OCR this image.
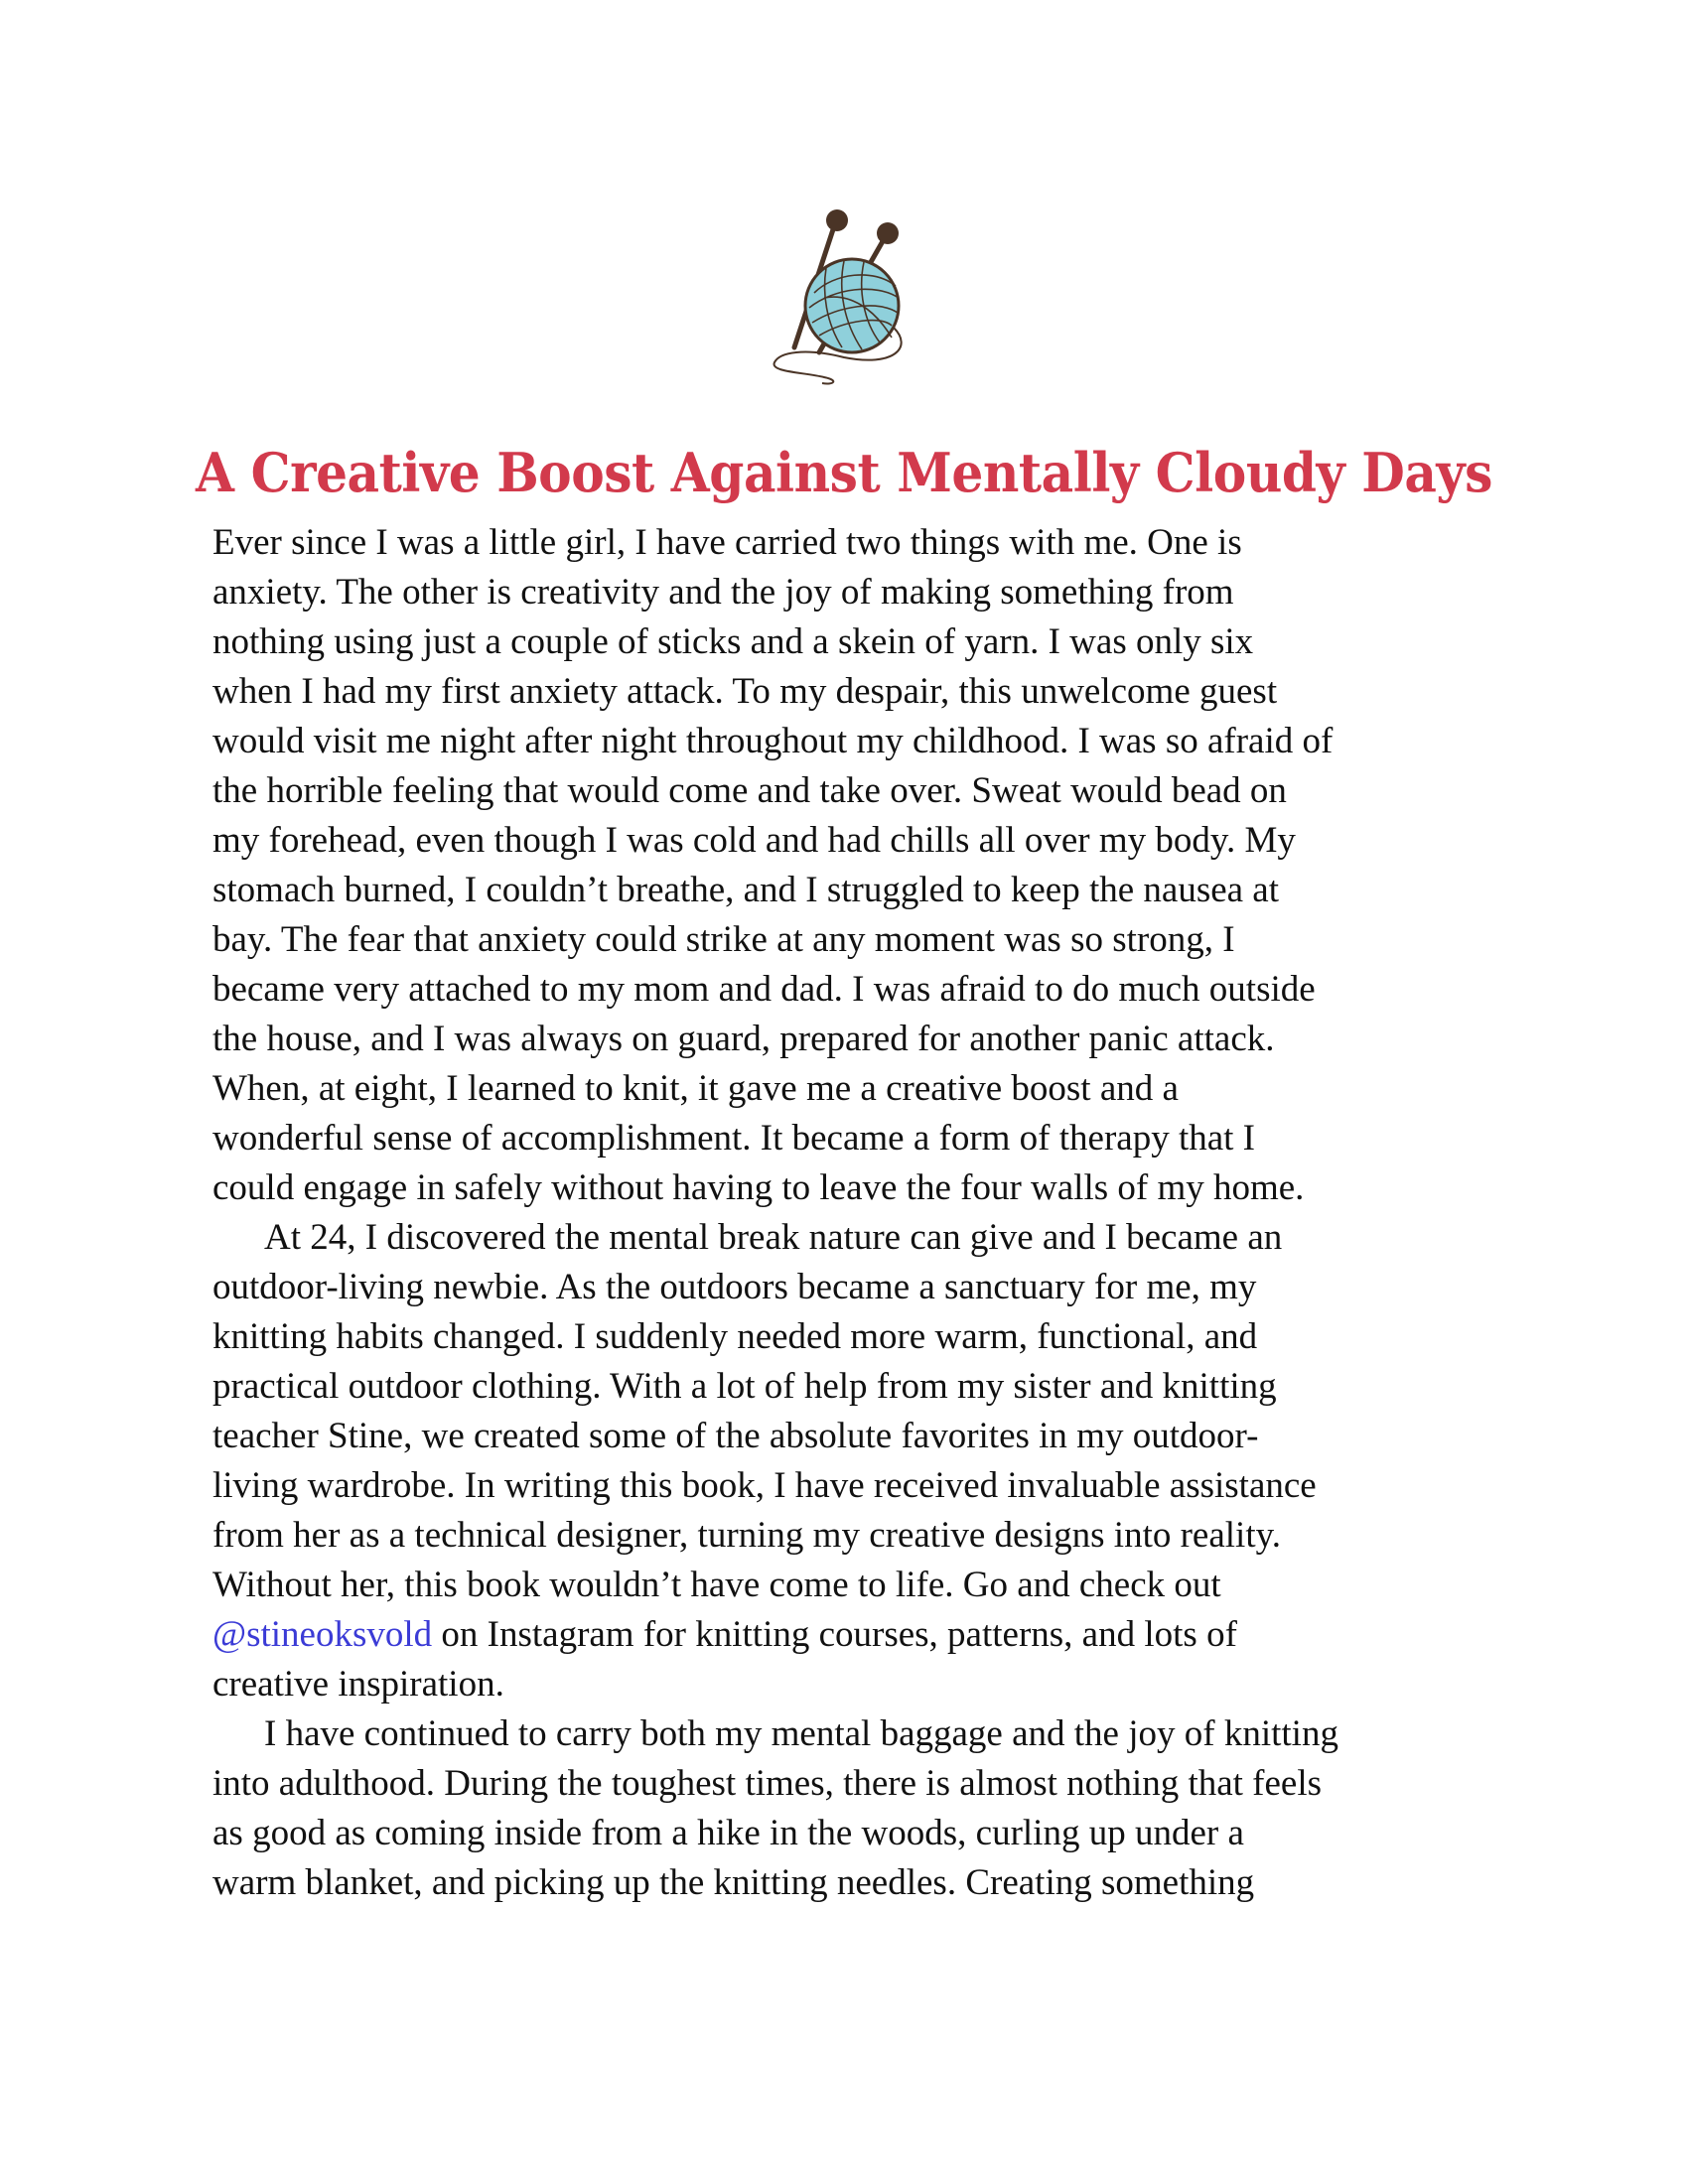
A Creative Boost Against Mentally Cloudy Days
Ever since I was a little girl, I have carried two things with me. One is
anxiety. The other is creativity and the joy of making something from
nothing using just a couple of sticks and a skein of yarn. I was only six
when I had my first anxiety attack. To my despair, this unwelcome guest
would visit me night after night throughout my childhood. I was so afraid of
the horrible feeling that would come and take over. Sweat would bead on
my forehead, even though I was cold and had chills all over my body. My
stomach burned, I couldn’t breathe, and I struggled to keep the nausea at
bay. The fear that anxiety could strike at any moment was so strong, I
became very attached to my mom and dad. I was afraid to do much outside
the house, and I was always on guard, prepared for another panic attack.
When, at eight, I learned to knit, it gave me a creative boost and a
wonderful sense of accomplishment. It became a form of therapy that I
could engage in safely without having to leave the four walls of my home.
At 24, I discovered the mental break nature can give and I became an
outdoor-living newbie. As the outdoors became a sanctuary for me, my
knitting habits changed. I suddenly needed more warm, functional, and
practical outdoor clothing. With a lot of help from my sister and knitting
teacher Stine, we created some of the absolute favorites in my outdoor-
living wardrobe. In writing this book, I have received invaluable assistance
from her as a technical designer, turning my creative designs into reality.
Without her, this book wouldn’t have come to life. Go and check out
@stineoksvold on Instagram for knitting courses, patterns, and lots of
creative inspiration.
I have continued to carry both my mental baggage and the joy of knitting
into adulthood. During the toughest times, there is almost nothing that feels
as good as coming inside from a hike in the woods, curling up under a
warm blanket, and picking up the knitting needles. Creating something
